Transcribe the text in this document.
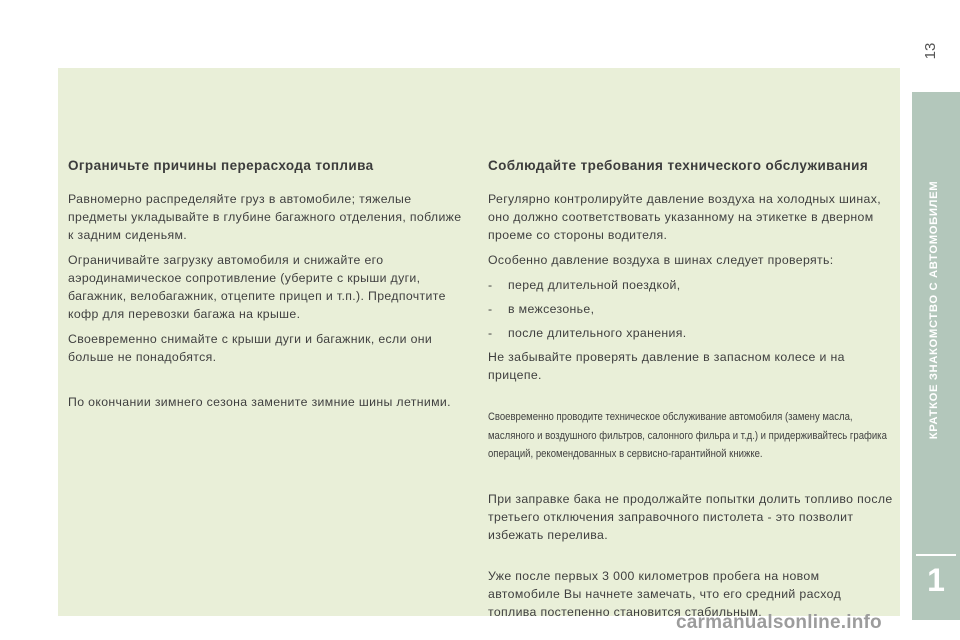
13
Ограничьте причины перерасхода топлива

Равномерно распределяйте груз в автомобиле; тяжелые предметы укладывайте в глубине багажного отделения, поближе к задним сиденьям.

Ограничивайте загрузку автомобиля и снижайте его аэродинамическое сопротивление (уберите с крыши дуги, багажник, велобагажник, отцепите прицеп и т.п.). Предпочтите кофр для перевозки багажа на крыше.

Своевременно снимайте с крыши дуги и багажник, если они больше не понадобятся.

По окончании зимнего сезона замените зимние шины летними.

Соблюдайте требования технического обслуживания

Регулярно контролируйте давление воздуха на холодных шинах, оно должно соответствовать указанному на этикетке в дверном проеме со стороны водителя.

Особенно давление воздуха в шинах следует проверять:

- перед длительной поездкой,
- в межсезонье,
- после длительного хранения.

Не забывайте проверять давление в запасном колесе и на прицепе.

Своевременно проводите техническое обслуживание автомобиля (замену масла, масляного и воздушного фильтров, салонного фильра и т.д.) и придерживайтесь графика операций, рекомендованных в сервисно-гарантийной книжке.

При заправке бака не продолжайте попытки долить топливо после третьего отключения заправочного пистолета - это позволит избежать перелива.

Уже после первых 3 000 километров пробега на новом автомобиле Вы начнете замечать, что его средний расход топлива постепенно становится стабильным.

КРАТКОЕ ЗНАКОМСТВО С АВТОМОБИЛЕМ
1
carmanualsonline.info
